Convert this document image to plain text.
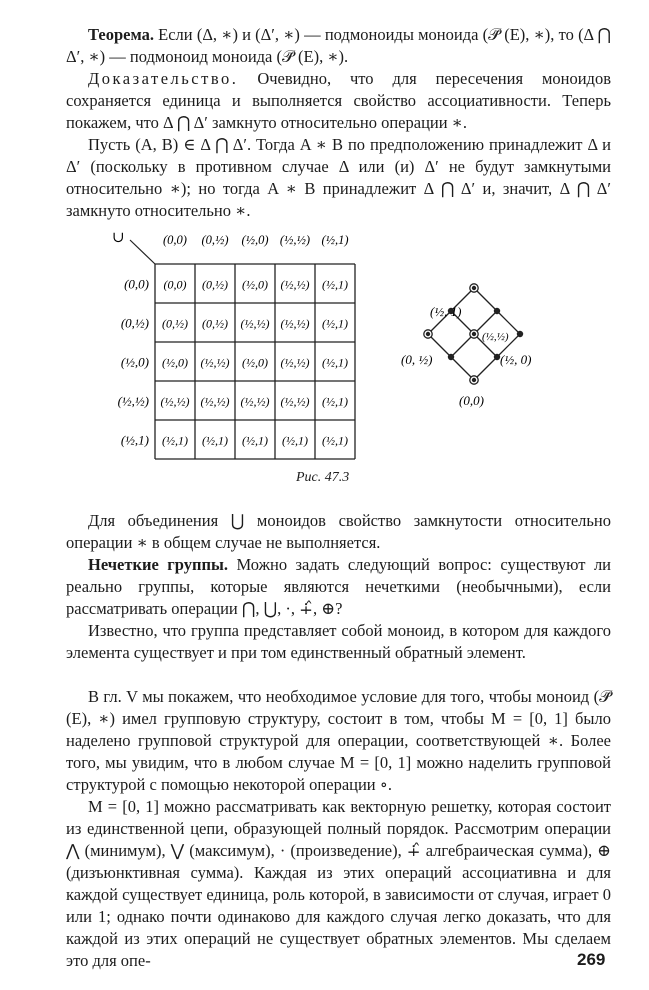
Теорема. Если (Δ, ∗) и (Δ′, ∗) — подмоноиды моноида (𝒫̃ (E), ∗), то (Δ ⋂ Δ′, ∗) — подмоноид моноида (𝒫̃ (E), ∗).

Доказательство. Очевидно, что для пересечения моноидов сохраняется единица и выполняется свойство ассоциативности. Теперь покажем, что Δ ⋂ Δ′ замкнуто относительно операции ∗.

Пусть (A, B) ∈ Δ ⋂ Δ′. Тогда A ∗ B по предположению принадлежит Δ и Δ′ (поскольку в противном случае Δ или (и) Δ′ не будут замкнутыми относительно ∗); но тогда A ∗ B принадлежит Δ ⋂ Δ′ и, значит, Δ ⋂ Δ′ замкнуто относительно ∗.

∪	(0,0) (0,½) (½,0) (½,½) (½,1)
(0,0) (0,0) (0,½) (½,0) (½,½) (½,1)
(0,½) (0,½) (0,½) (½,½) (½,½) (½,1)
(½,0) (½,0) (½,½) (½,0) (½,½) (½,1)
(½,½) (½,½) (½,½) (½,½) (½,½) (½,1)
(½,1) (½,1) (½,1) (½,1) (½,1) (½,1)
(½, 1)
(½,½)
(0, ½)	(½, 0)
(0,0)
Рис. 47.3

Для объединения ⋃ моноидов свойство замкнутости относительно операции ∗ в общем случае не выполняется.

Нечеткие группы. Можно задать следующий вопрос: существуют ли реально группы, которые являются нечеткими (необычными), если рассматривать операции ⋂, ⋃, ·, ∔̂, ⊕?

Известно, что группа представляет собой моноид, в котором для каждого элемента существует и при том единственный обратный элемент.

В гл. V мы покажем, что необходимое условие для того, чтобы моноид (𝒫̃ (E), ∗) имел групповую структуру, состоит в том, чтобы M = [0, 1] было наделено групповой структурой для операции, соответствующей ∗. Более того, мы увидим, что в любом случае M = [0, 1] можно наделить групповой структурой с помощью некоторой операции ∘.

M = [0, 1] можно рассматривать как векторную решетку, которая состоит из единственной цепи, образующей полный порядок. Рассмотрим операции ⋀ (минимум), ⋁ (максимум), · (произведение), ∔̂ алгебраическая сумма), ⊕ (дизъюнктивная сумма). Каждая из этих операций ассоциативна и для каждой существует единица, роль которой, в зависимости от случая, играет 0 или 1; однако почти одинаково для каждого случая легко доказать, что для каждой из этих операций не существует обратных элементов. Мы сделаем это для опе-	269
